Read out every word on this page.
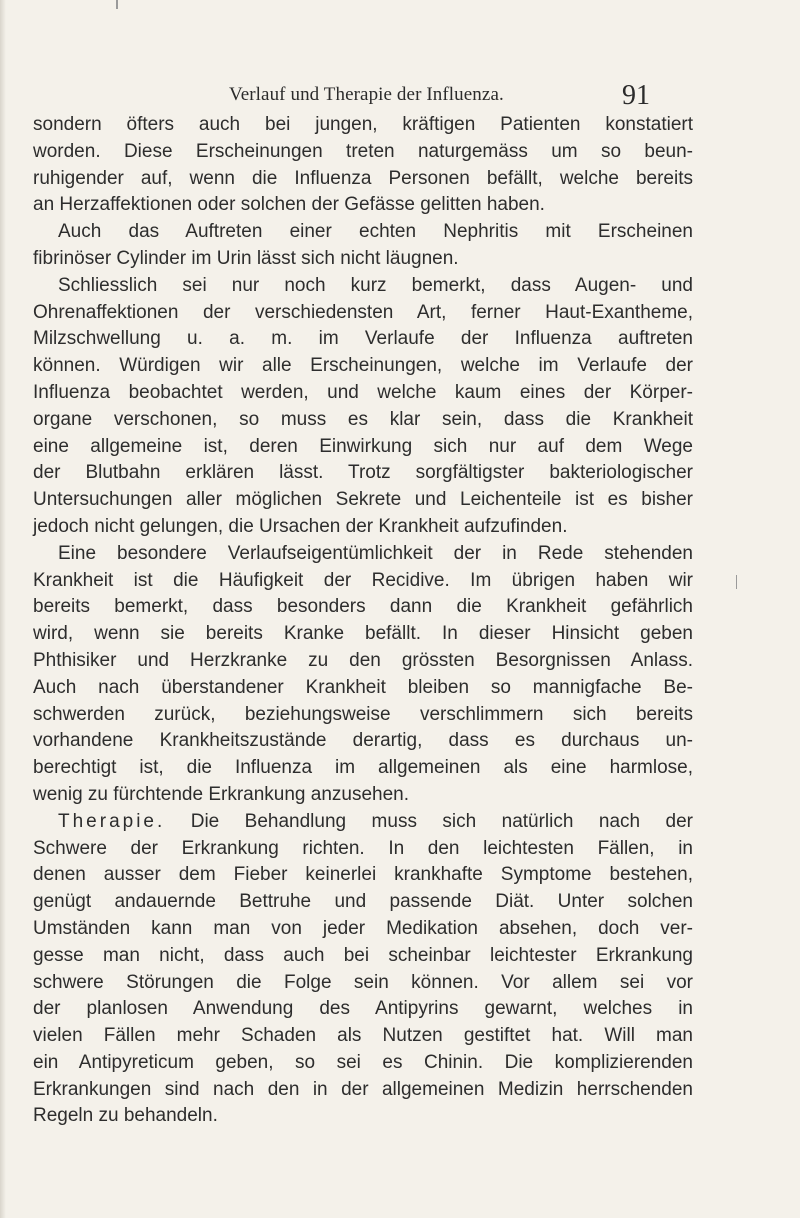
Verlauf und Therapie der Influenza.	91
sondern öfters auch bei jungen, kräftigen Patienten konstatiert
worden. Diese Erscheinungen treten naturgemäss um so beun-
ruhigender auf, wenn die Influenza Personen befällt, welche bereits
an Herzaffektionen oder solchen der Gefässe gelitten haben.
Auch das Auftreten einer echten Nephritis mit Erscheinen
fibrinöser Cylinder im Urin lässt sich nicht läugnen.
Schliesslich sei nur noch kurz bemerkt, dass Augen- und
Ohrenaffektionen der verschiedensten Art, ferner Haut-Exantheme,
Milzschwellung u. a. m. im Verlaufe der Influenza auftreten
können. Würdigen wir alle Erscheinungen, welche im Verlaufe der
Influenza beobachtet werden, und welche kaum eines der Körper-
organe verschonen, so muss es klar sein, dass die Krankheit
eine allgemeine ist, deren Einwirkung sich nur auf dem Wege
der Blutbahn erklären lässt. Trotz sorgfältigster bakteriologischer
Untersuchungen aller möglichen Sekrete und Leichenteile ist es bisher
jedoch nicht gelungen, die Ursachen der Krankheit aufzufinden.
Eine besondere Verlaufseigentümlichkeit der in Rede stehenden
Krankheit ist die Häufigkeit der Recidive. Im übrigen haben wir
bereits bemerkt, dass besonders dann die Krankheit gefährlich
wird, wenn sie bereits Kranke befällt. In dieser Hinsicht geben
Phthisiker und Herzkranke zu den grössten Besorgnissen Anlass.
Auch nach überstandener Krankheit bleiben so mannigfache Be-
schwerden zurück, beziehungsweise verschlimmern sich bereits
vorhandene Krankheitszustände derartig, dass es durchaus un-
berechtigt ist, die Influenza im allgemeinen als eine harmlose,
wenig zu fürchtende Erkrankung anzusehen.
Therapie. Die Behandlung muss sich natürlich nach der
Schwere der Erkrankung richten. In den leichtesten Fällen, in
denen ausser dem Fieber keinerlei krankhafte Symptome bestehen,
genügt andauernde Bettruhe und passende Diät. Unter solchen
Umständen kann man von jeder Medikation absehen, doch ver-
gesse man nicht, dass auch bei scheinbar leichtester Erkrankung
schwere Störungen die Folge sein können. Vor allem sei vor
der planlosen Anwendung des Antipyrins gewarnt, welches in
vielen Fällen mehr Schaden als Nutzen gestiftet hat. Will man
ein Antipyreticum geben, so sei es Chinin. Die komplizierenden
Erkrankungen sind nach den in der allgemeinen Medizin herrschenden
Regeln zu behandeln.
